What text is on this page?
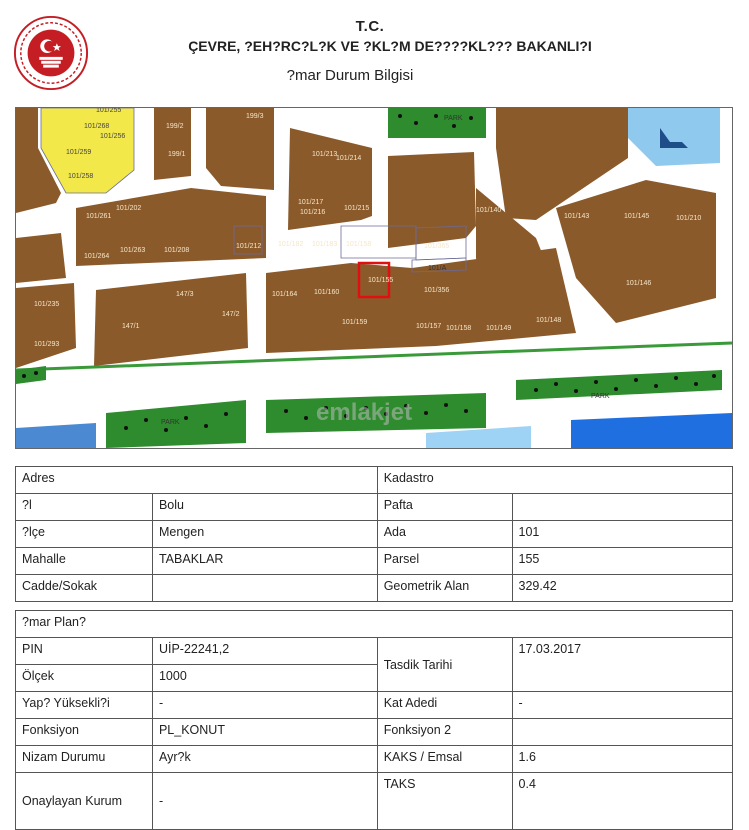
T.C.
ÇEVRE, ?EH?RC?L?K VE ?KL?M DE????KL??? BAKANLI?I
?mar Durum Bilgisi
101/268
101/256
101/259
101/258
101/255
199/2
199/3
199/1	101/213
101/214
101/140
101/202
101/217
101/216
101/215
101/143	101/145	101/210
101/261
101/263
101/264
101/208
101/212 101/182 101/183 101/158	101/365
101/A
101/146
101/235
147/3
147/2
147/1
101/164 101/160
101/155
101/356
101/159
101/157 101/158 101/149
101/148
101/293
PARK
PARK
PARK
emlakjet
Adres		Kadastro	
?l	Bolu	Pafta	
?lçe	Mengen	Ada	101
Mahalle	TABAKLAR	Parsel	155
Cadde/Sokak		Geometrik Alan	329.42
?mar Plan?			
PIN	UİP-22241,2	Tasdik Tarihi	17.03.2017
Ölçek	1000		
Yap? Yüksekli?i	-	Kat Adedi	-
Fonksiyon	PL_KONUT	Fonksiyon 2	
Nizam Durumu	Ayr?k	KAKS / Emsal	1.6
Onaylayan Kurum	-	TAKS	0.4
